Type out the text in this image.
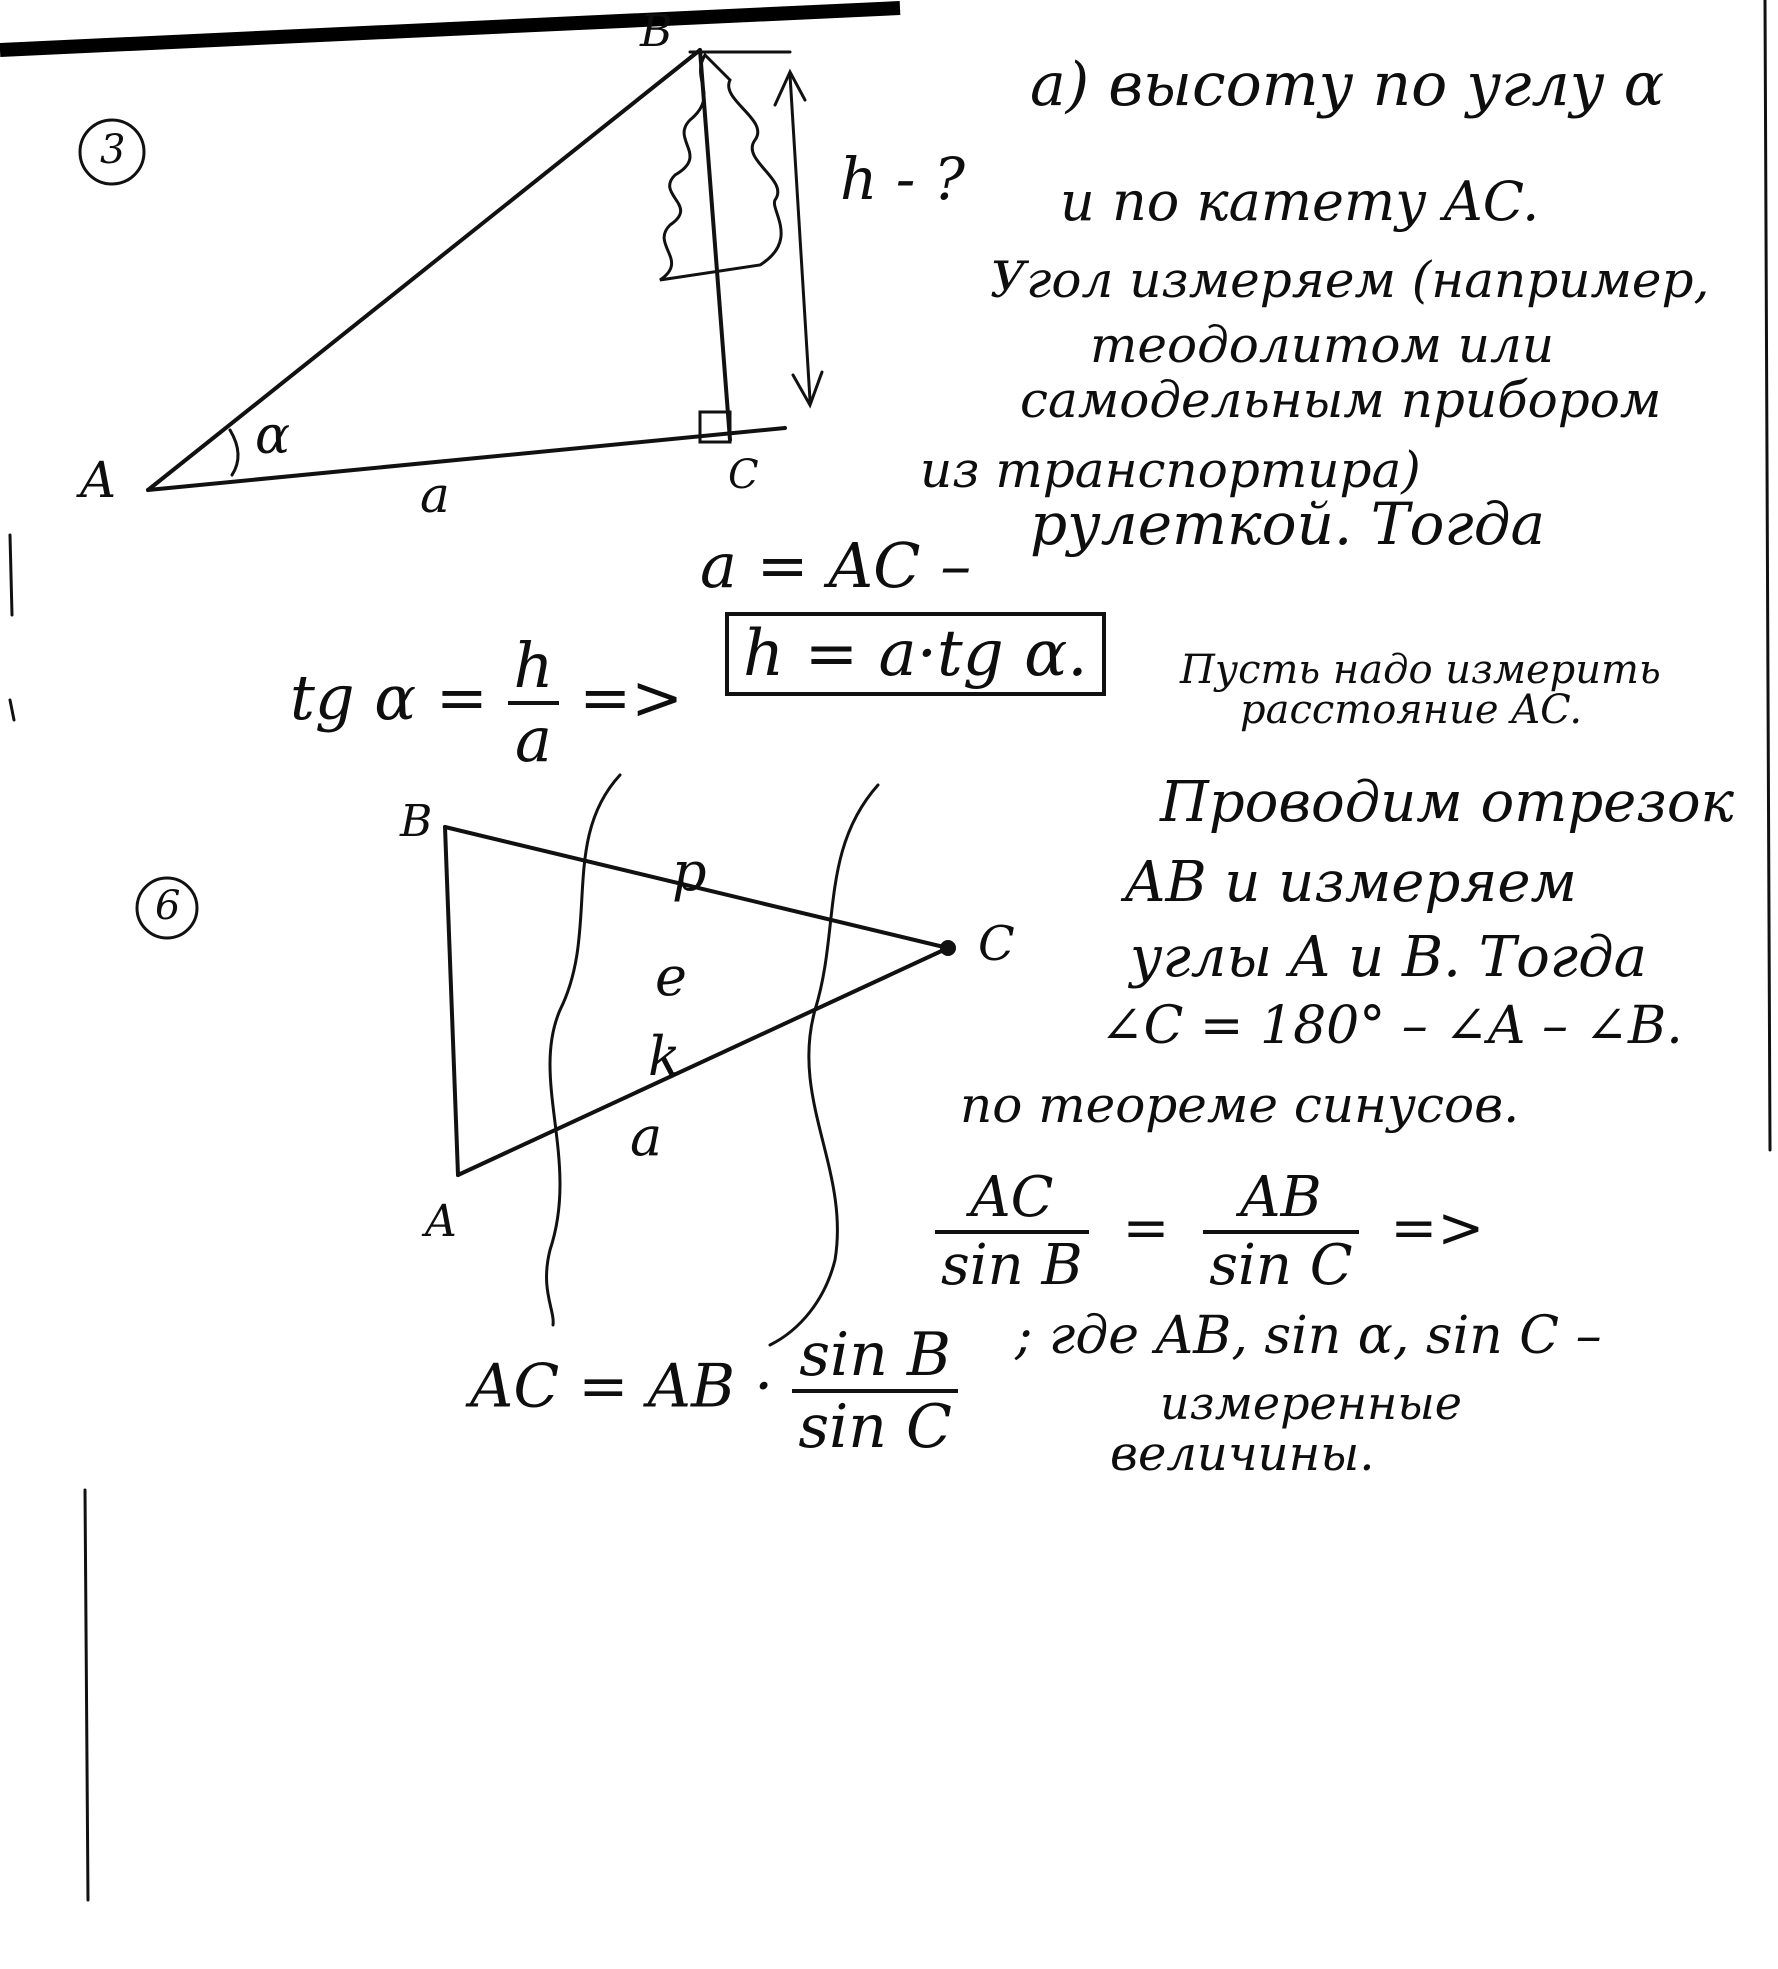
3
A
B
C
α
a
h - ?
а) высоту по углу α
и по катету AC.
Угол измеряем (например,
теодолитом или
самодельным прибором
из транспортира)
a = AC –
рулеткой. Тогда
tg $\alpha = \frac{h}{a}$ =>
h = a·tg α.
6
B
A
C
p
e
k
a
Пусть надо измерить
расстояние AC.
Проводим отрезок
AB и измеряем
углы A и B. Тогда
∠C = 180° – ∠A – ∠B.
по теореме синусов.
$\frac{AC}{\text{sin B}} = \frac{AB}{\text{sin C}}$ =>
AC = AB · $\frac{\text{sin B}}{\text{sin C}}$ ; где AB, sin α, sin C –
измеренные
величины.
